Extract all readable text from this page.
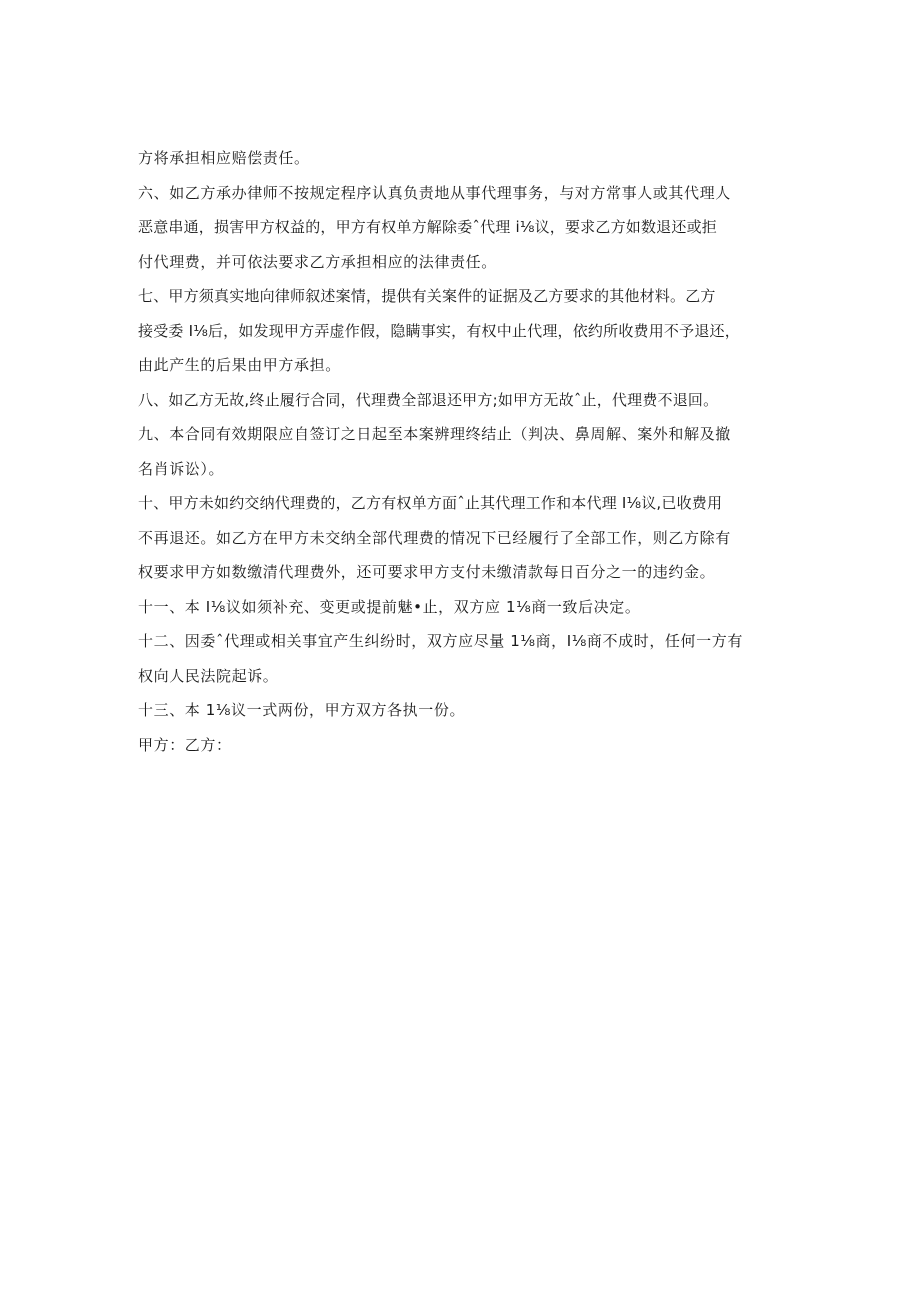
方将承担相应赔偿责任。
六、如乙方承办律师不按规定程序认真负责地从事代理事务，与对方常事人或其代理人
恶意串通，损害甲方权益的，甲方有权单方解除委ˆ代理 i⅛议，要求乙方如数退还或拒
付代理费，并可依法要求乙方承担相应的法律责任。
七、甲方须真实地向律师叙述案情，提供有关案件的证据及乙方要求的其他材料。乙方
接受委 I⅛后，如发现甲方弄虚作假，隐瞒事实，有权中止代理，依约所收费用不予退还，
由此产生的后果由甲方承担。
八、如乙方无故,终止履行合同，代理费全部退还甲方;如甲方无故ˆ止，代理费不退回。
九、本合同有效期限应自签订之日起至本案辨理终结止（判决、鼻周解、案外和解及撤
名肖诉讼）。
十、甲方未如约交纳代理费的，乙方有权单方面ˆ止其代理工作和本代理 I⅛议,已收费用
不再退还。如乙方在甲方未交纳全部代理费的情况下已经履行了全部工作，则乙方除有
权要求甲方如数缴清代理费外，还可要求甲方支付未缴清款每日百分之一的违约金。
十一、本 I⅛议如须补充、变更或提前魅•止，双方应 1⅛商一致后决定。
十二、因委ˆ代理或相关事宜产生纠纷时，双方应尽量 1⅛商，I⅛商不成时，任何一方有
权向人民法院起诉。
十三、本 1⅛议一式两份，甲方双方各执一份。
甲方：乙方：
